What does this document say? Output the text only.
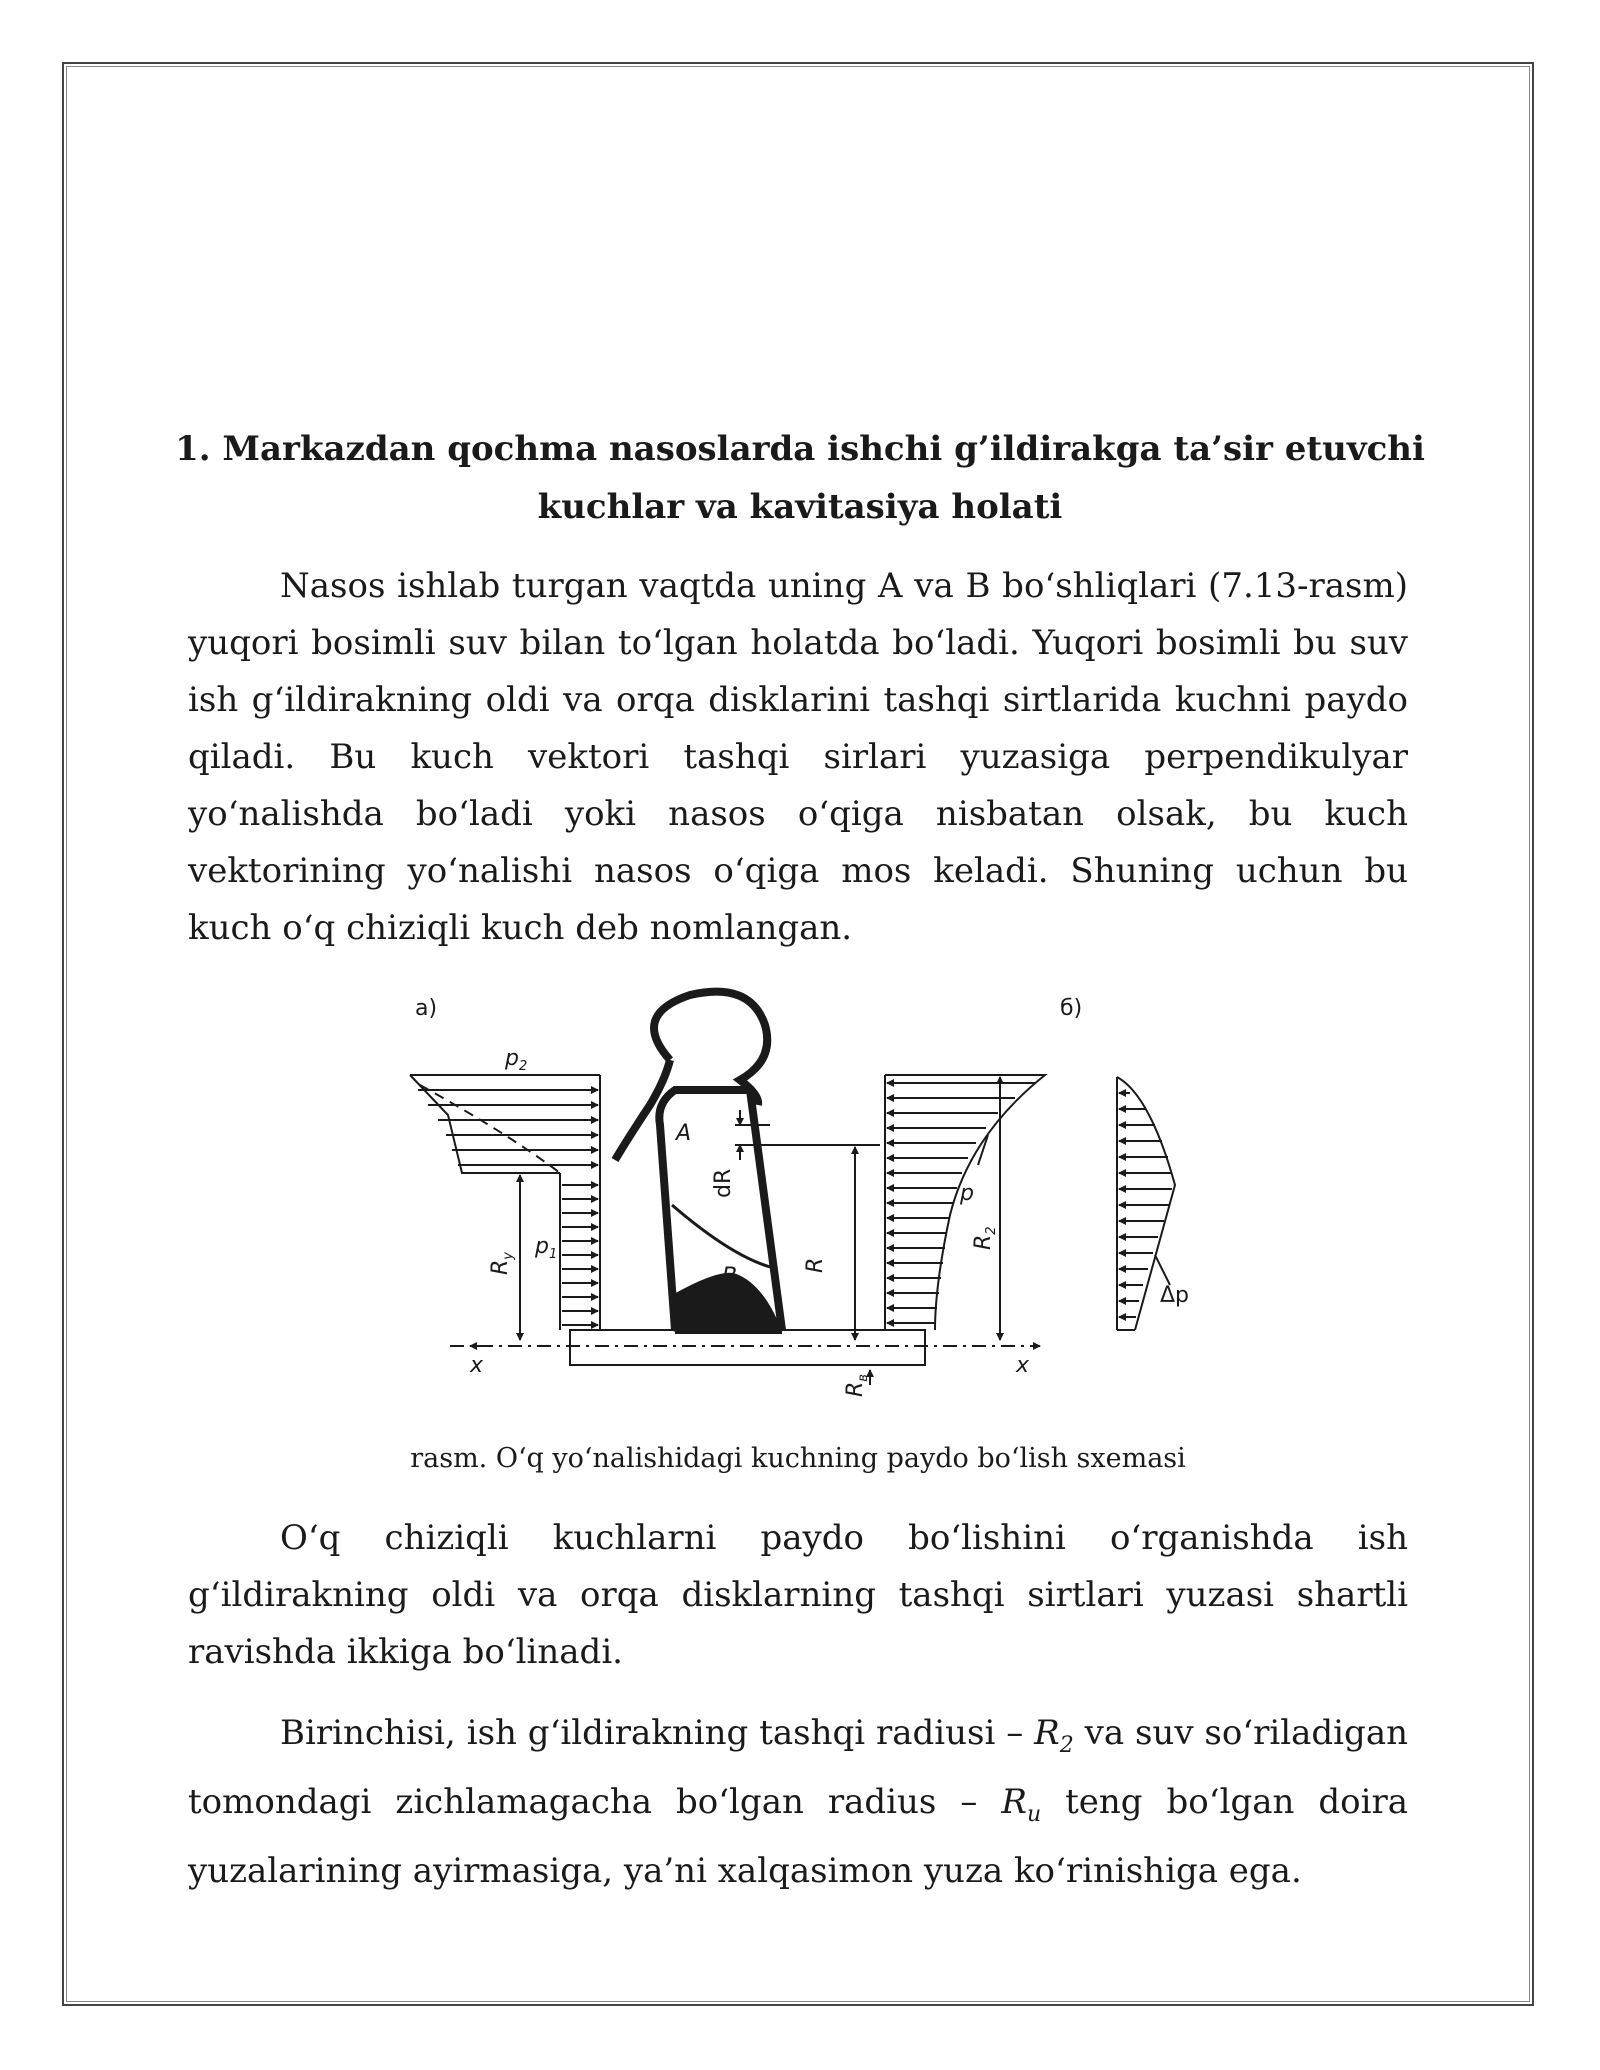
1. Markazdan qochma nasoslarda ishchi g’ildirakga ta’sir etuvchi
kuchlar va kavitasiya holati

Nasos ishlab turgan vaqtda uning A va B boʻshliqlari (7.13-rasm) yuqori bosimli suv bilan toʻlgan holatda boʻladi. Yuqori bosimli bu suv ish gʻildirakning oldi va orqa disklarini tashqi sirtlarida kuchni paydo qiladi. Bu kuch vektori tashqi sirlari yuzasiga perpendikulyar yoʻnalishda boʻladi yoki nasos oʻqiga nisbatan olsak, bu kuch vektorining yoʻnalishi nasos oʻqiga mos keladi. Shuning uchun bu kuch oʻq chiziqli kuch deb nomlangan.

а)	б)
$p_2$
$p_1$
$R_y$
A
B
dR
R
p
$R_2$
$R_в$
x	x
Δp
rasm. Oʻq yoʻnalishidagi kuchning paydo boʻlish sxemasi

Oʻq chiziqli kuchlarni paydo boʻlishini oʻrganishda ish gʻildirakning oldi va orqa disklarning tashqi sirtlari yuzasi shartli ravishda ikkiga boʻlinadi.

Birinchisi, ish gʻildirakning tashqi radiusi – $R_2$ va suv soʻriladigan tomondagi zichlamagacha boʻlgan radius – $R_u$ teng boʻlgan doira yuzalarining ayirmasiga, ya’ni xalqasimon yuza koʻrinishiga ega.
